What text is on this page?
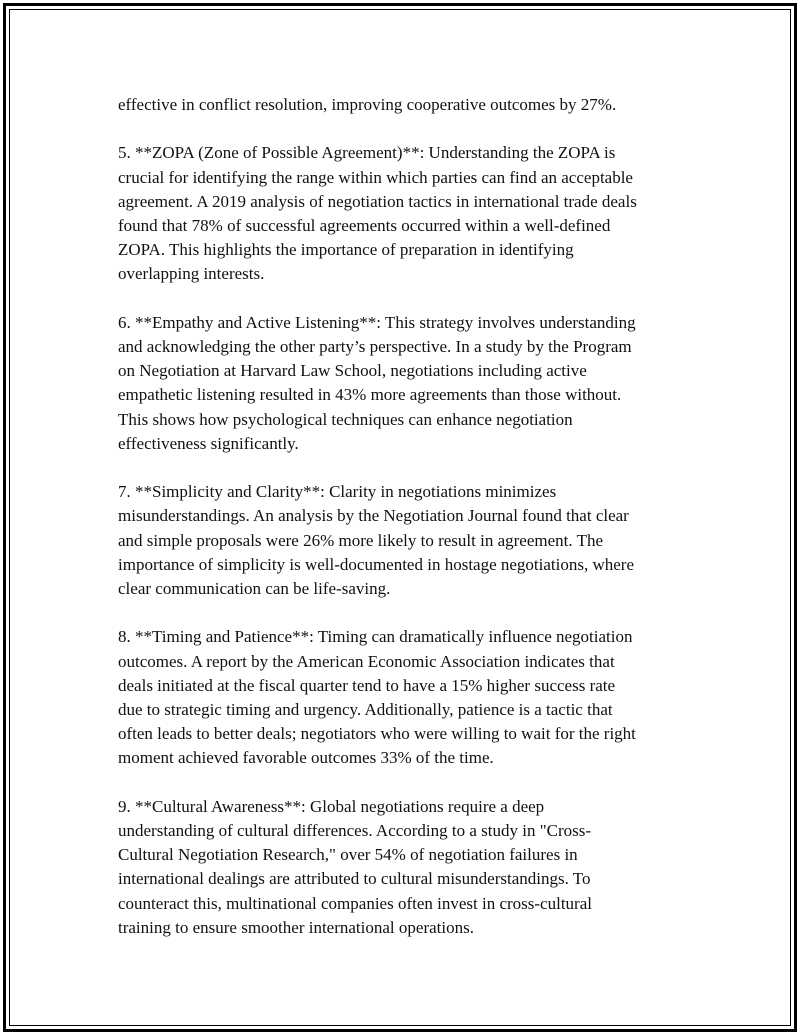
effective in conflict resolution, improving cooperative outcomes by 27%.

5. **ZOPA (Zone of Possible Agreement)**: Understanding the ZOPA is
crucial for identifying the range within which parties can find an acceptable
agreement. A 2019 analysis of negotiation tactics in international trade deals
found that 78% of successful agreements occurred within a well-defined
ZOPA. This highlights the importance of preparation in identifying
overlapping interests.

6. **Empathy and Active Listening**: This strategy involves understanding
and acknowledging the other party’s perspective. In a study by the Program
on Negotiation at Harvard Law School, negotiations including active
empathetic listening resulted in 43% more agreements than those without.
This shows how psychological techniques can enhance negotiation
effectiveness significantly.

7. **Simplicity and Clarity**: Clarity in negotiations minimizes
misunderstandings. An analysis by the Negotiation Journal found that clear
and simple proposals were 26% more likely to result in agreement. The
importance of simplicity is well-documented in hostage negotiations, where
clear communication can be life-saving.

8. **Timing and Patience**: Timing can dramatically influence negotiation
outcomes. A report by the American Economic Association indicates that
deals initiated at the fiscal quarter tend to have a 15% higher success rate
due to strategic timing and urgency. Additionally, patience is a tactic that
often leads to better deals; negotiators who were willing to wait for the right
moment achieved favorable outcomes 33% of the time.

9. **Cultural Awareness**: Global negotiations require a deep
understanding of cultural differences. According to a study in "Cross-
Cultural Negotiation Research," over 54% of negotiation failures in
international dealings are attributed to cultural misunderstandings. To
counteract this, multinational companies often invest in cross-cultural
training to ensure smoother international operations.
